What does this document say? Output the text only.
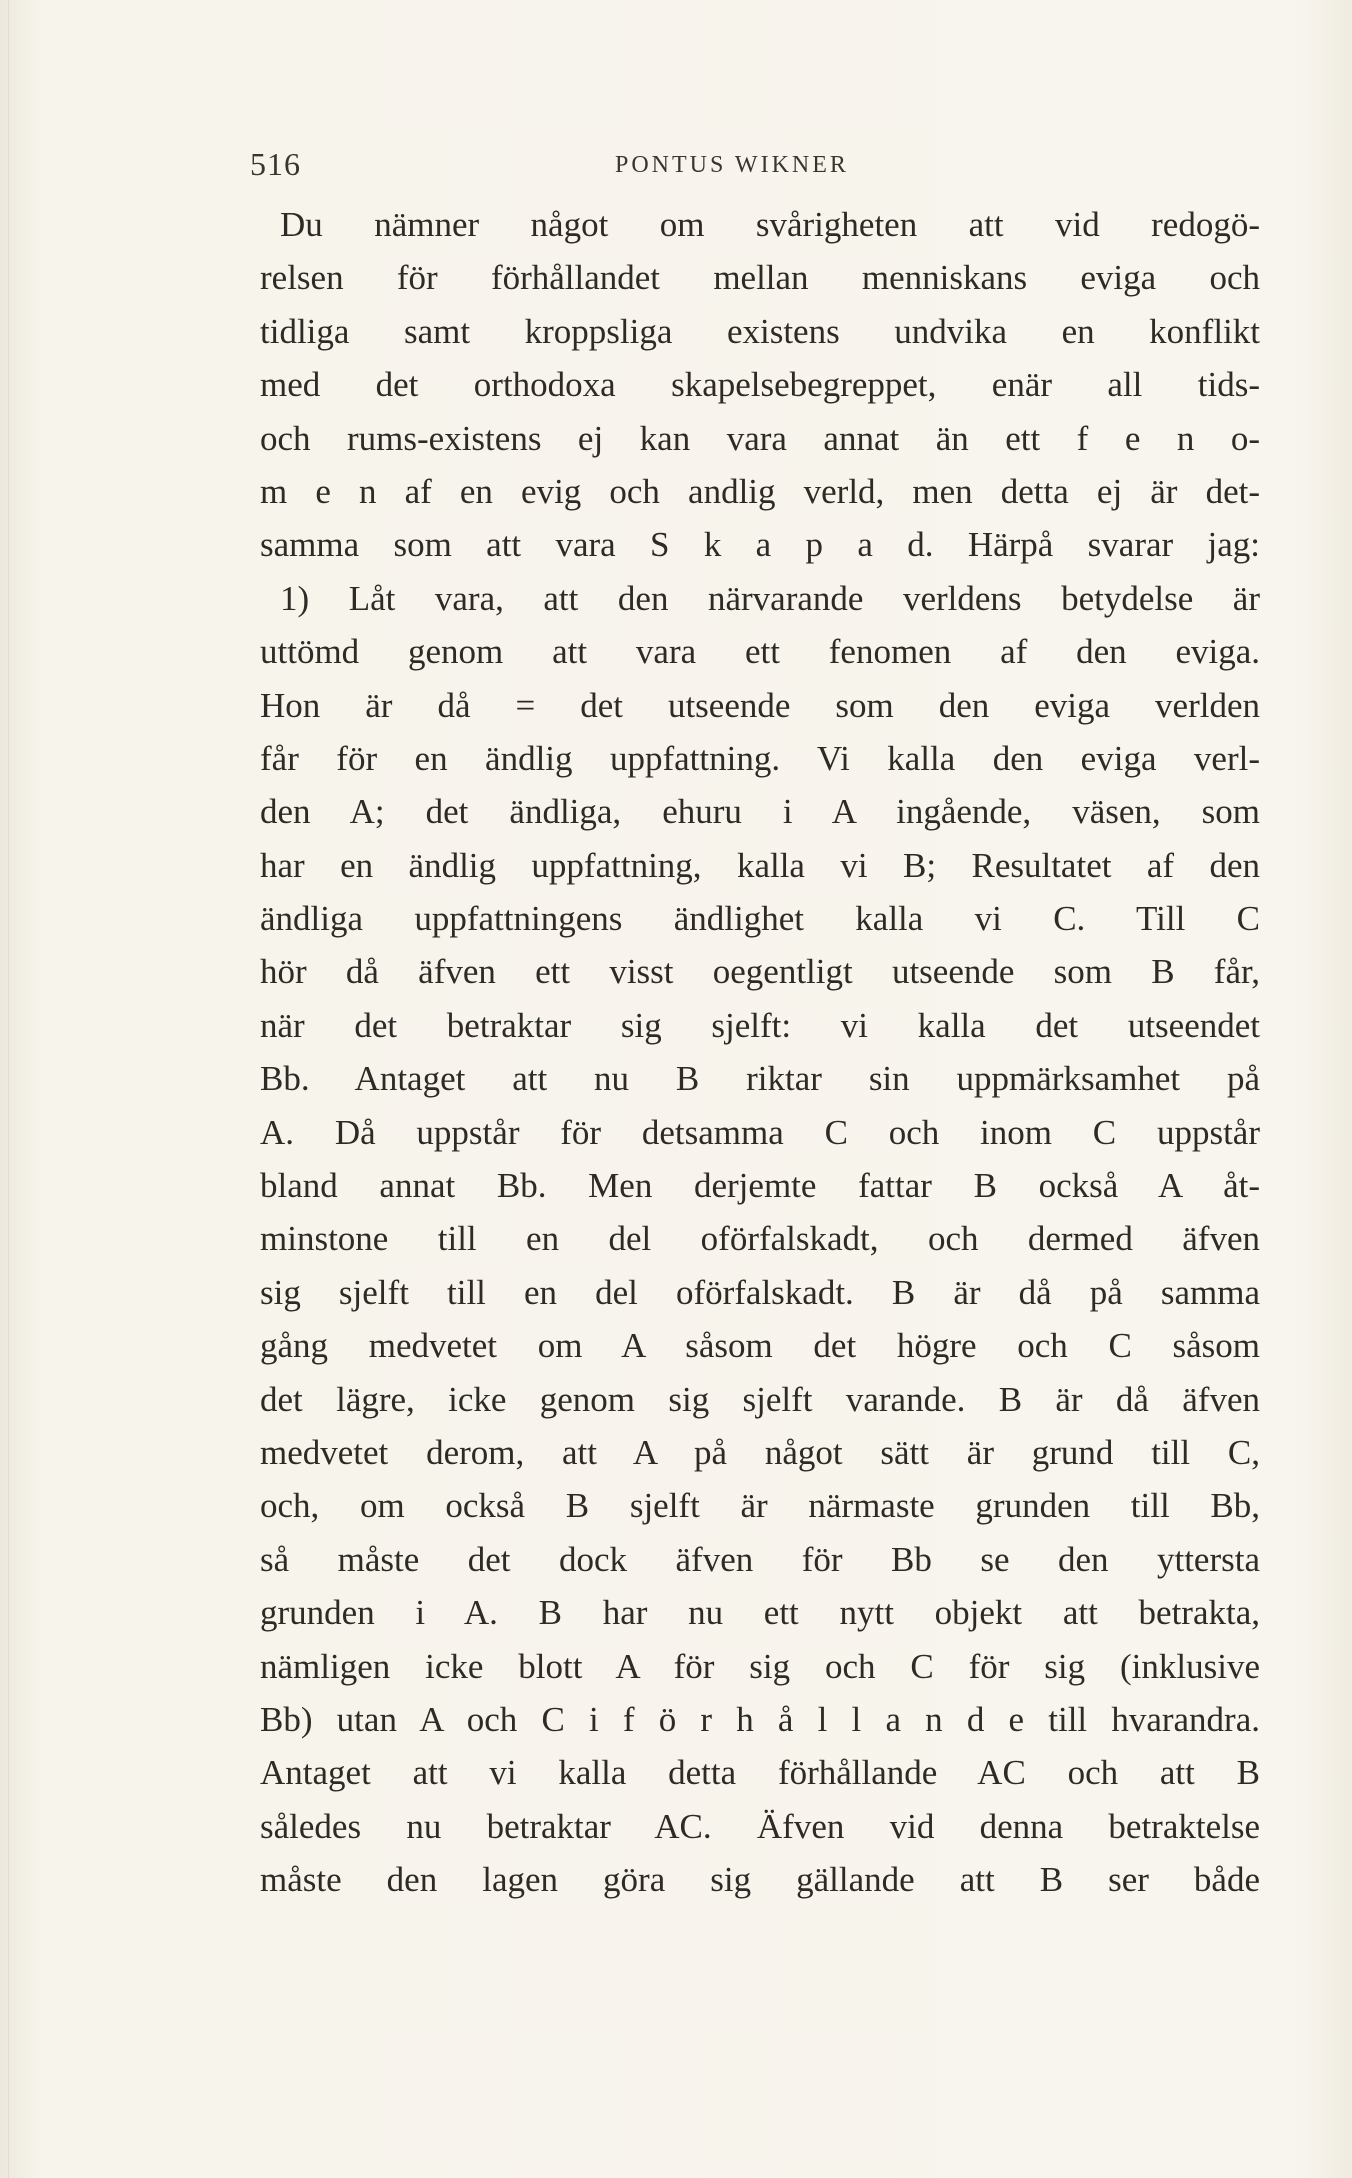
516	PONTUS WIKNER
Du nämner något om svårigheten att vid redogö-
relsen för förhållandet mellan menniskans eviga och
tidliga samt kroppsliga existens undvika en konflikt
med det orthodoxa skapelsebegreppet, enär all tids-
och rums-existens ej kan vara annat än ett f e n o-
m e n af en evig och andlig verld, men detta ej är det-
samma som att vara S k a p a d. Härpå svarar jag:
1) Låt vara, att den närvarande verldens betydelse är
uttömd genom att vara ett fenomen af den eviga.
Hon är då = det utseende som den eviga verlden
får för en ändlig uppfattning. Vi kalla den eviga verl-
den A; det ändliga, ehuru i A ingående, väsen, som
har en ändlig uppfattning, kalla vi B; Resultatet af den
ändliga uppfattningens ändlighet kalla vi C. Till C
hör då äfven ett visst oegentligt utseende som B får,
när det betraktar sig sjelft: vi kalla det utseendet
Bb. Antaget att nu B riktar sin uppmärksamhet på
A. Då uppstår för detsamma C och inom C uppstår
bland annat Bb. Men derjemte fattar B också A åt-
minstone till en del oförfalskadt, och dermed äfven
sig sjelft till en del oförfalskadt. B är då på samma
gång medvetet om A såsom det högre och C såsom
det lägre, icke genom sig sjelft varande. B är då äfven
medvetet derom, att A på något sätt är grund till C,
och, om också B sjelft är närmaste grunden till Bb,
så måste det dock äfven för Bb se den yttersta
grunden i A. B har nu ett nytt objekt att betrakta,
nämligen icke blott A för sig och C för sig (inklusive
Bb) utan A och C i f ö r h å l l a n d e till hvarandra.
Antaget att vi kalla detta förhållande AC och att B
således nu betraktar AC. Äfven vid denna betraktelse
måste den lagen göra sig gällande att B ser både
